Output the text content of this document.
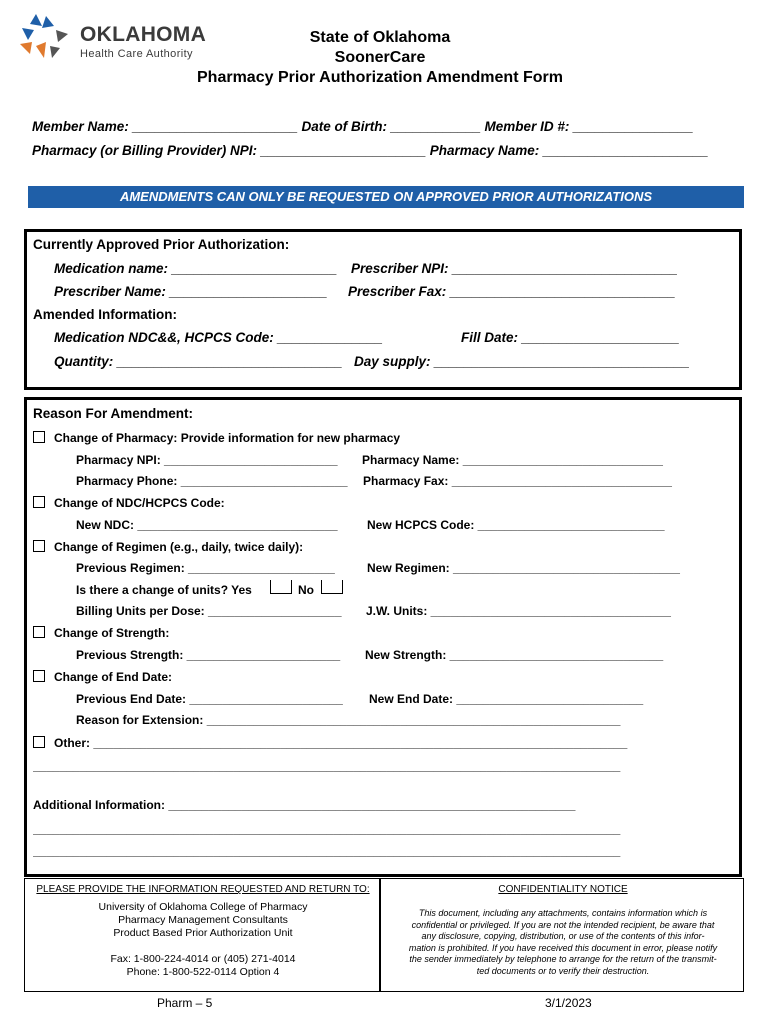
OKLAHOMA
Health Care Authority
State of Oklahoma
SoonerCare
Pharmacy Prior Authorization Amendment Form
Member Name: ______________________ Date of Birth: ____________ Member ID #: ________________
Pharmacy (or Billing Provider) NPI: ______________________ Pharmacy Name: ______________________
AMENDMENTS CAN ONLY BE REQUESTED ON APPROVED PRIOR AUTHORIZATIONS
Currently Approved Prior Authorization:
Medication name: ______________________ Prescriber NPI: ______________________________
Prescriber Name: _____________________ Prescriber Fax: ______________________________
Amended Information:
Medication NDC&&, HCPCS Code: ______________	Fill Date: _____________________
Quantity: ______________________________ Day supply: __________________________________
Reason For Amendment:
Change of Pharmacy: Provide information for new pharmacy
Pharmacy NPI: __________________________ Pharmacy Name: ______________________________
Pharmacy Phone: _________________________ Pharmacy Fax: _________________________________
Change of NDC/HCPCS Code:
New NDC: ______________________________ New HCPCS Code: ____________________________
Change of Regimen (e.g., daily, twice daily):
Previous Regimen: ______________________	New Regimen: __________________________________
Is there a change of units? Yes	No
Billing Units per Dose: ____________________ J.W. Units: ____________________________________
Change of Strength:
Previous Strength: _______________________ New Strength: ________________________________
Change of End Date:
Previous End Date: _______________________ New End Date: ____________________________
Reason for Extension: ______________________________________________________________
Other: ________________________________________________________________________________
________________________________________________________________________________________
Additional Information: _____________________________________________________________
________________________________________________________________________________________
________________________________________________________________________________________
PLEASE PROVIDE THE INFORMATION REQUESTED AND RETURN TO:
University of Oklahoma College of Pharmacy
Pharmacy Management Consultants
Product Based Prior Authorization Unit
Fax: 1-800-224-4014 or (405) 271-4014
Phone: 1-800-522-0114 Option 4
CONFIDENTIALITY NOTICE
This document, including any attachments, contains information which is
confidential or privileged. If you are not the intended recipient, be aware that
any disclosure, copying, distribution, or use of the contents of this infor-
mation is prohibited. If you have received this document in error, please notify
the sender immediately by telephone to arrange for the return of the transmit-
ted documents or to verify their destruction.
Pharm – 5	3/1/2023
